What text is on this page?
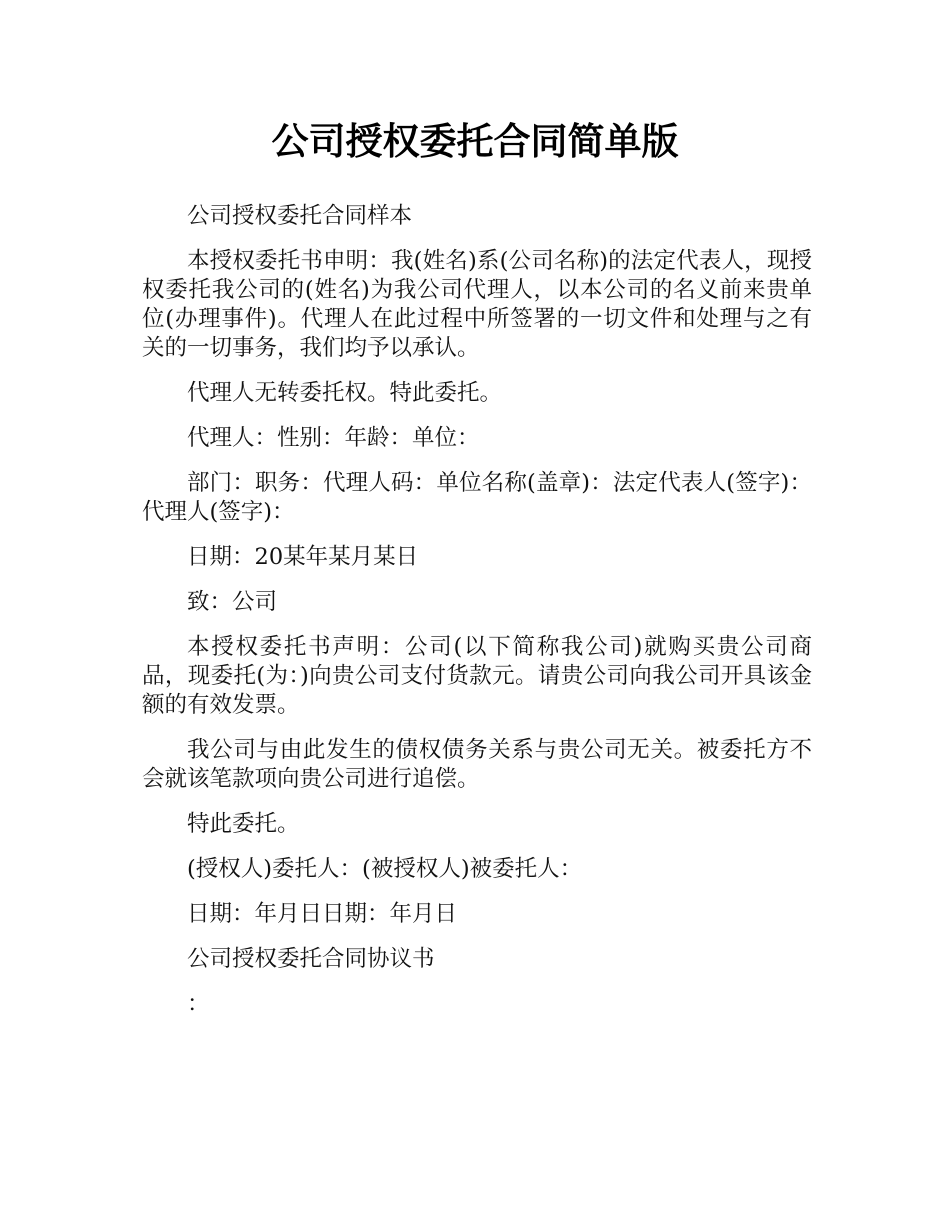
公司授权委托合同简单版

公司授权委托合同样本

本授权委托书申明：我(姓名)系(公司名称)的法定代表人，现授权委托我公司的(姓名)为我公司代理人，以本公司的名义前来贵单位(办理事件)。代理人在此过程中所签署的一切文件和处理与之有关的一切事务，我们均予以承认。

代理人无转委托权。特此委托。

代理人：性别：年龄：单位：

部门：职务：代理人码：单位名称(盖章)：法定代表人(签字)：代理人(签字)：

日期：20某年某月某日

致：公司

本授权委托书声明：公司(以下简称我公司)就购买贵公司商品，现委托(为：)向贵公司支付货款元。请贵公司向我公司开具该金额的有效发票。

我公司与由此发生的债权债务关系与贵公司无关。被委托方不会就该笔款项向贵公司进行追偿。

特此委托。

(授权人)委托人：(被授权人)被委托人：

日期：年月日日期：年月日

公司授权委托合同协议书

：
